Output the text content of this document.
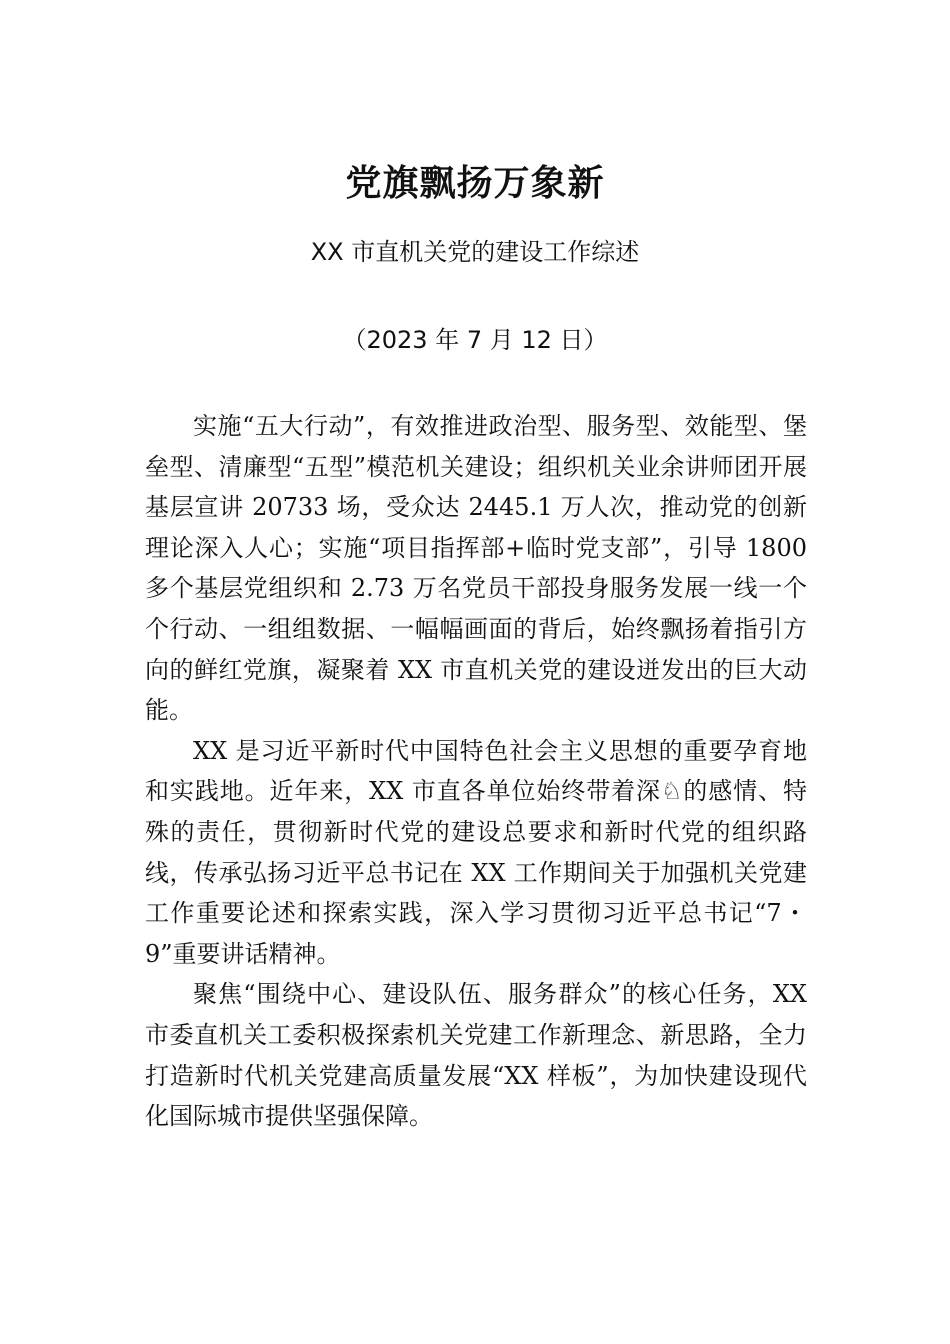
党旗飘扬万象新
XX 市直机关党的建设工作综述
（2023 年 7 月 12 日）

实施“五大行动”，有效推进政治型、服务型、效能型、堡垒型、清廉型“五型”模范机关建设；组织机关业余讲师团开展基层宣讲 20733 场，受众达 2445.1 万人次，推动党的创新理论深入人心；实施“项目指挥部+临时党支部”，引导 1800 多个基层党组织和 2.73 万名党员干部投身服务发展一线一个个行动、一组组数据、一幅幅画面的背后，始终飘扬着指引方向的鲜红党旗，凝聚着 XX 市直机关党的建设迸发出的巨大动能。

XX 是习近平新时代中国特色社会主义思想的重要孕育地和实践地。近年来，XX 市直各单位始终带着深♘的感情、特殊的责任，贯彻新时代党的建设总要求和新时代党的组织路线，传承弘扬习近平总书记在 XX 工作期间关于加强机关党建工作重要论述和探索实践，深入学习贯彻习近平总书记“7・9”重要讲话精神。

聚焦“围绕中心、建设队伍、服务群众”的核心任务，XX 市委直机关工委积极探索机关党建工作新理念、新思路，全力打造新时代机关党建高质量发展“XX 样板”，为加快建设现代化国际城市提供坚强保障。
